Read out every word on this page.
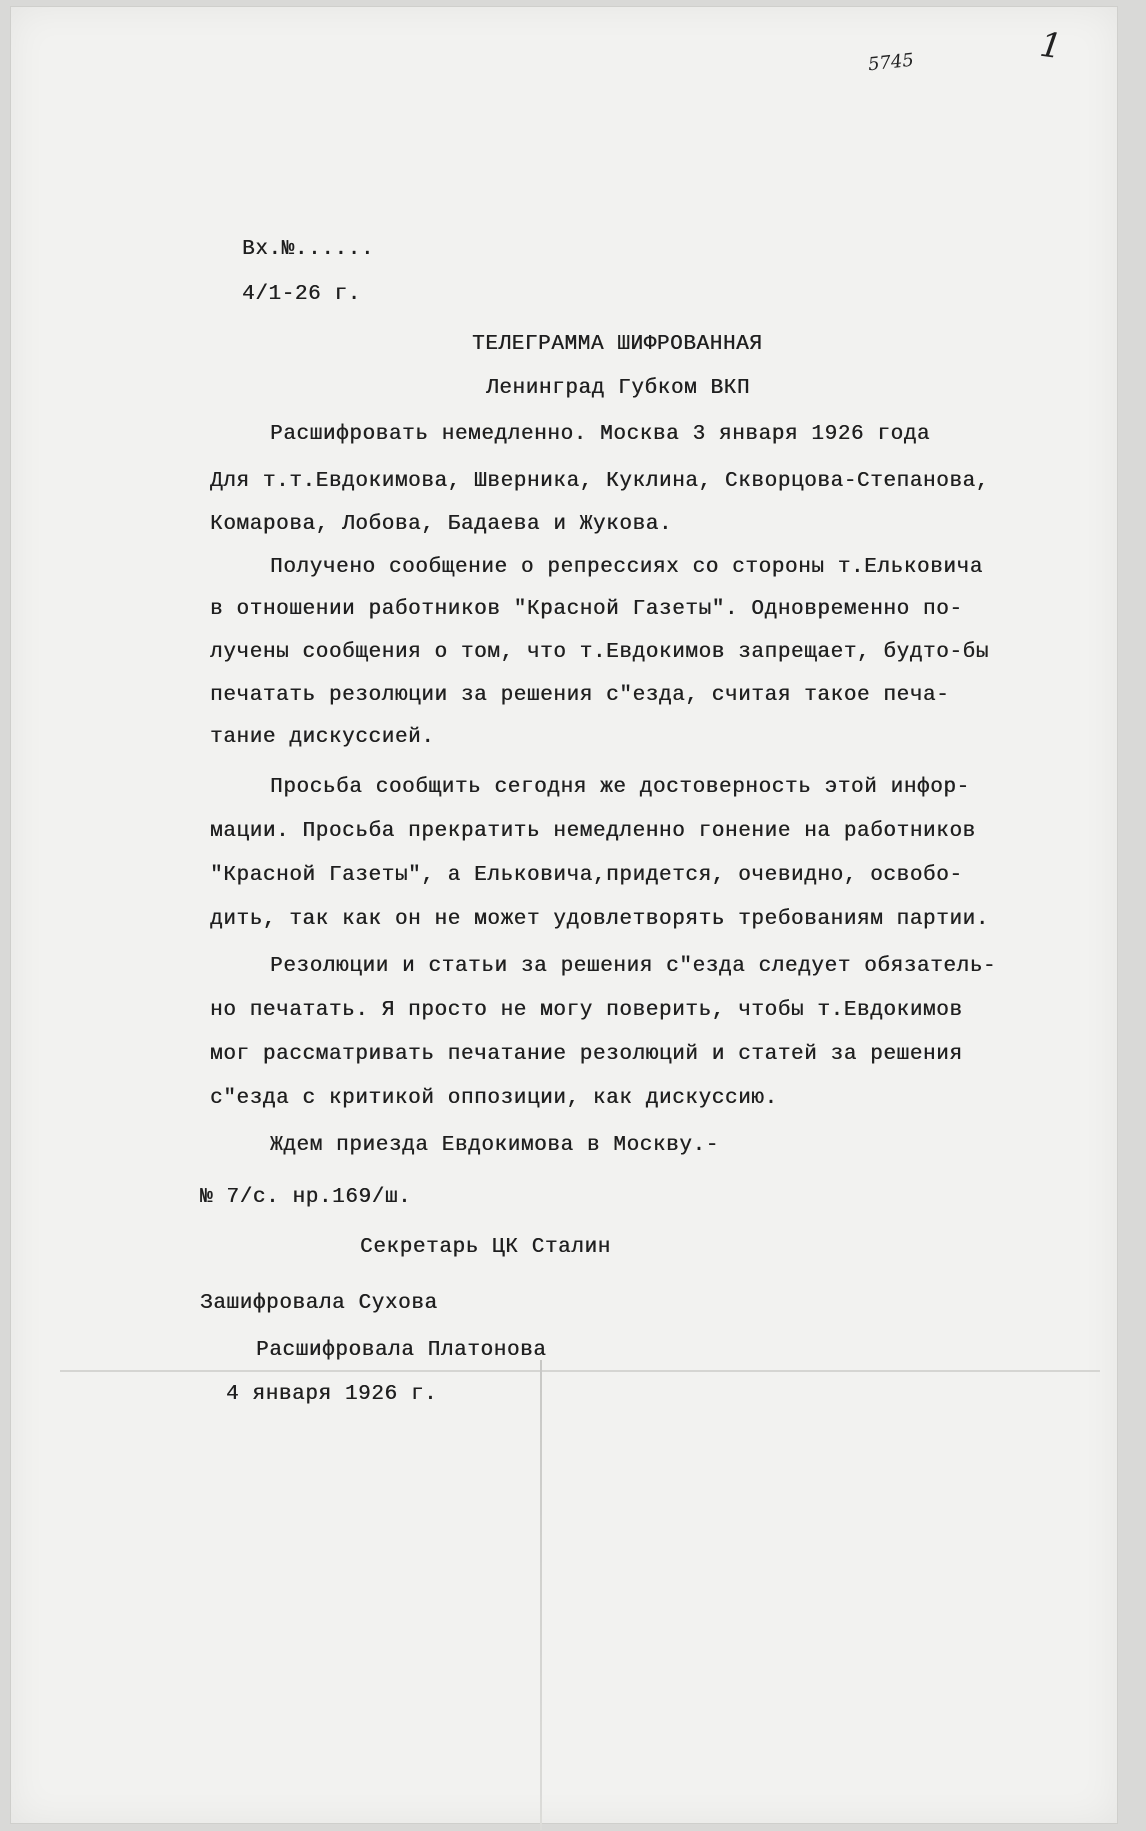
5745	1
Вх.№......
4/1-26 г.
ТЕЛЕГРАММА ШИФРОВАННАЯ
Ленинград Губком ВКП
Расшифровать немедленно. Москва 3 января 1926 года
Для т.т.Евдокимова, Шверника, Куклина, Скворцова-Степанова,
Комарова, Лобова, Бадаева и Жукова.
Получено сообщение о репрессиях со стороны т.Ельковича
в отношении работников "Красной Газеты". Одновременно по-
лучены сообщения о том, что т.Евдокимов запрещает, будто-бы
печатать резолюции за решения с"езда, считая такое печа-
тание дискуссией.
Просьба сообщить сегодня же достоверность этой инфор-
мации. Просьба прекратить немедленно гонение на работников
"Красной Газеты", а Ельковича,придется, очевидно, освобо-
дить, так как он не может удовлетворять требованиям партии.
Резолюции и статьи за решения с"езда следует обязатель-
но печатать. Я просто не могу поверить, чтобы т.Евдокимов
мог рассматривать печатание резолюций и статей за решения
с"езда с критикой оппозиции, как дискуссию.
Ждем приезда Евдокимова в Москву.-
№ 7/с. нр.169/ш.
Секретарь ЦК Сталин
Зашифровала Сухова
Расшифровала Платонова
4 января 1926 г.
